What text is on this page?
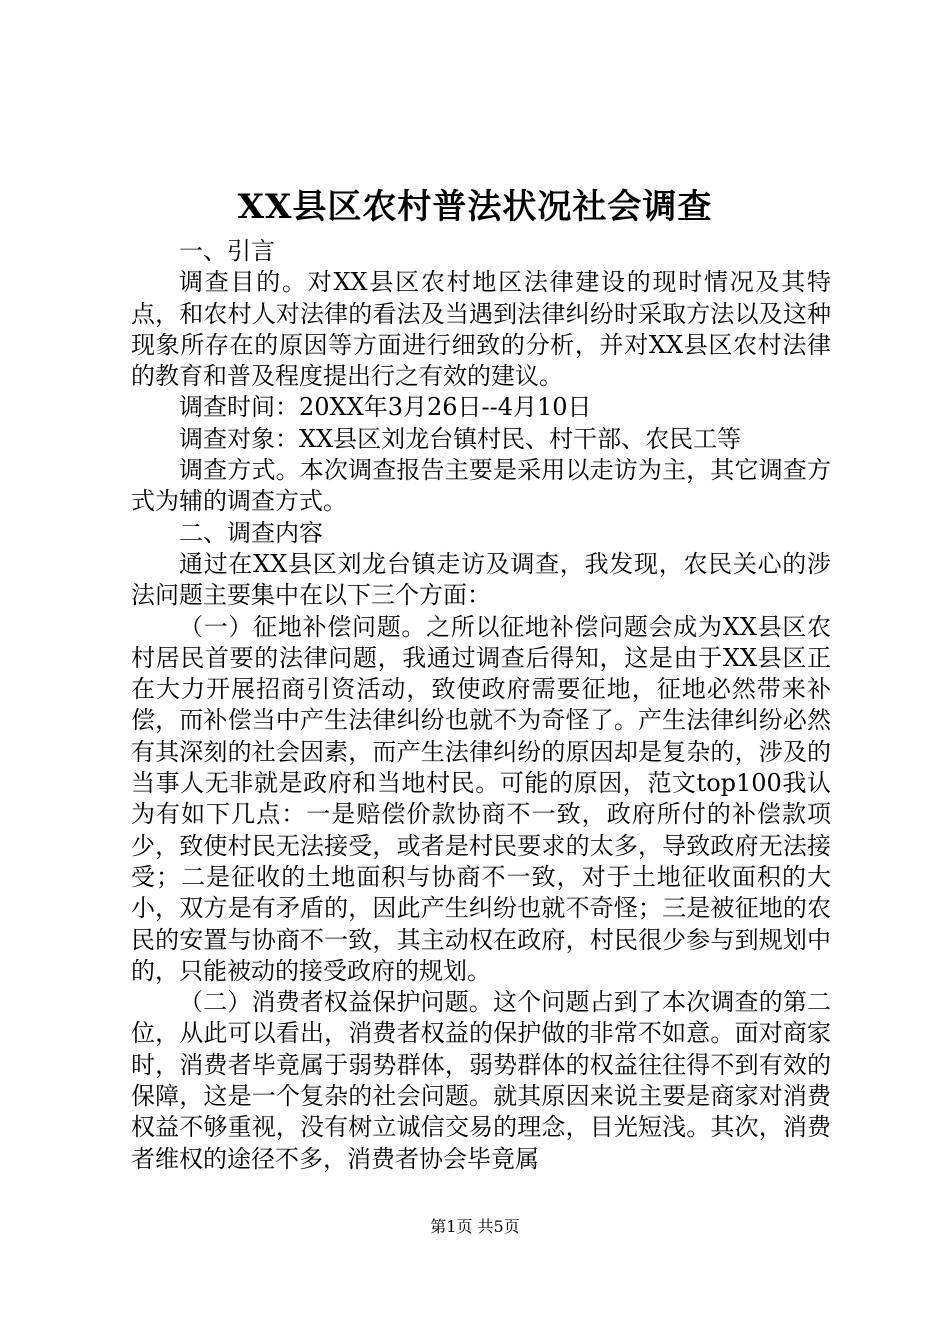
XX县区农村普法状况社会调查

一、引言

调查目的。对XX县区农村地区法律建设的现时情况及其特点，和农村人对法律的看法及当遇到法律纠纷时采取方法以及这种现象所存在的原因等方面进行细致的分析，并对XX县区农村法律的教育和普及程度提出行之有效的建议。

调查时间：20XX年3月26日--4月10日

调查对象：XX县区刘龙台镇村民、村干部、农民工等

调查方式。本次调查报告主要是采用以走访为主，其它调查方式为辅的调查方式。

二、调查内容

通过在XX县区刘龙台镇走访及调查，我发现，农民关心的涉法问题主要集中在以下三个方面：

（一）征地补偿问题。之所以征地补偿问题会成为XX县区农村居民首要的法律问题，我通过调查后得知，这是由于XX县区正在大力开展招商引资活动，致使政府需要征地，征地必然带来补偿，而补偿当中产生法律纠纷也就不为奇怪了。产生法律纠纷必然有其深刻的社会因素，而产生法律纠纷的原因却是复杂的，涉及的当事人无非就是政府和当地村民。可能的原因，范文top100我认为有如下几点：一是赔偿价款协商不一致，政府所付的补偿款项少，致使村民无法接受，或者是村民要求的太多，导致政府无法接受；二是征收的土地面积与协商不一致，对于土地征收面积的大小，双方是有矛盾的，因此产生纠纷也就不奇怪；三是被征地的农民的安置与协商不一致，其主动权在政府，村民很少参与到规划中的，只能被动的接受政府的规划。

（二）消费者权益保护问题。这个问题占到了本次调查的第二位，从此可以看出，消费者权益的保护做的非常不如意。面对商家时，消费者毕竟属于弱势群体，弱势群体的权益往往得不到有效的保障，这是一个复杂的社会问题。就其原因来说主要是商家对消费权益不够重视，没有树立诚信交易的理念，目光短浅。其次，消费者维权的途径不多，消费者协会毕竟属

第1页 共5页
